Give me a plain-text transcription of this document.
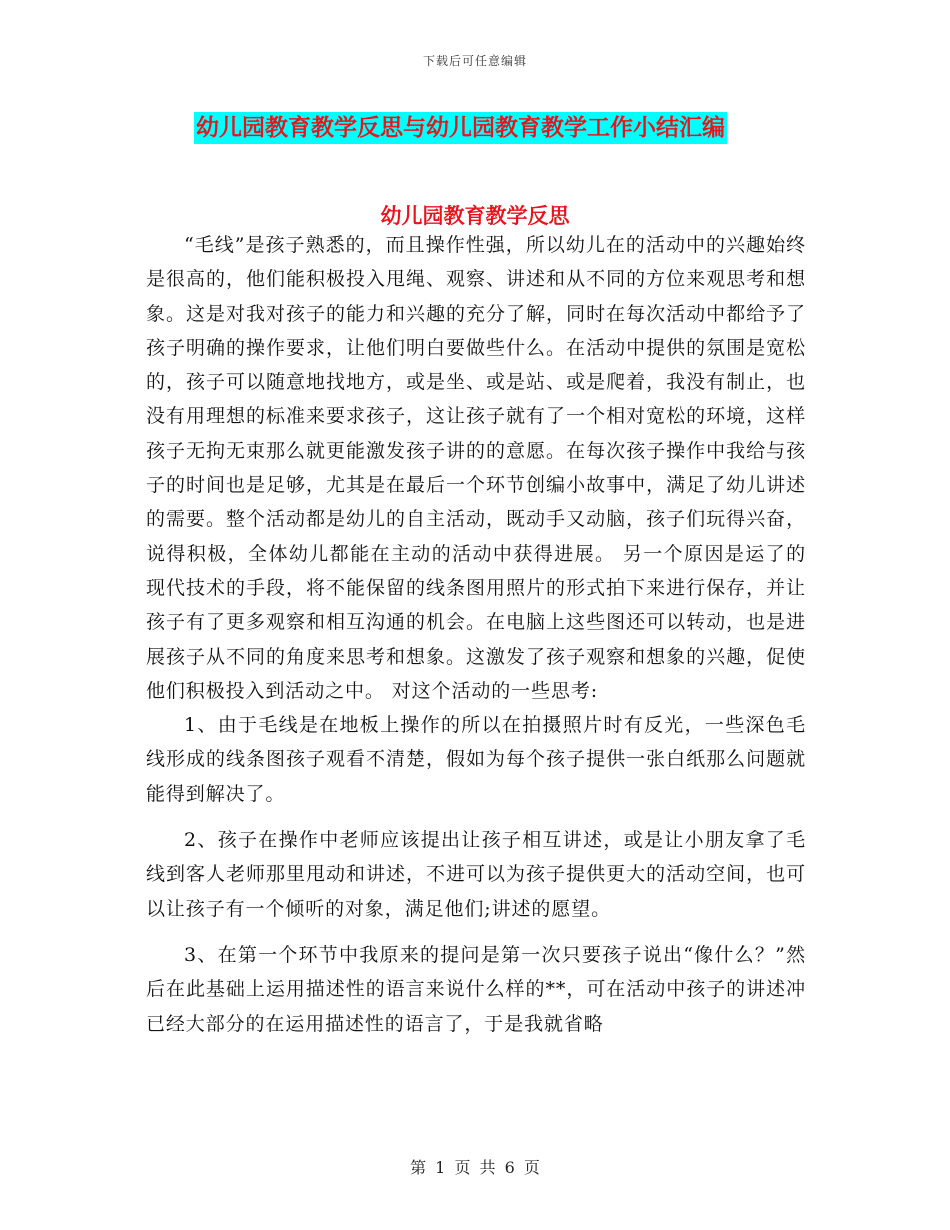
下载后可任意编辑
幼儿园教育教学反思与幼儿园教育教学工作小结汇编
幼儿园教育教学反思

“毛线”是孩子熟悉的，而且操作性强，所以幼儿在的活动中的兴趣始终是很高的，他们能积极投入甩绳、观察、讲述和从不同的方位来观思考和想象。这是对我对孩子的能力和兴趣的充分了解，同时在每次活动中都给予了孩子明确的操作要求，让他们明白要做些什么。在活动中提供的氛围是宽松的，孩子可以随意地找地方，或是坐、或是站、或是爬着，我没有制止，也没有用理想的标准来要求孩子，这让孩子就有了一个相对宽松的环境，这样孩子无拘无束那么就更能激发孩子讲的的意愿。在每次孩子操作中我给与孩子的时间也是足够，尤其是在最后一个环节创编小故事中，满足了幼儿讲述的需要。整个活动都是幼儿的自主活动，既动手又动脑，孩子们玩得兴奋，说得积极，全体幼儿都能在主动的活动中获得进展。 另一个原因是运了的现代技术的手段，将不能保留的线条图用照片的形式拍下来进行保存，并让孩子有了更多观察和相互沟通的机会。在电脑上这些图还可以转动，也是进展孩子从不同的角度来思考和想象。这激发了孩子观察和想象的兴趣，促使他们积极投入到活动之中。 对这个活动的一些思考:

1、由于毛线是在地板上操作的所以在拍摄照片时有反光，一些深色毛线形成的线条图孩子观看不清楚，假如为每个孩子提供一张白纸那么问题就能得到解决了。

2、孩子在操作中老师应该提出让孩子相互讲述，或是让小朋友拿了毛线到客人老师那里甩动和讲述，不进可以为孩子提供更大的活动空间，也可以让孩子有一个倾听的对象，满足他们;讲述的愿望。

3、在第一个环节中我原来的提问是第一次只要孩子说出“像什么？”然后在此基础上运用描述性的语言来说什么样的**，可在活动中孩子的讲述冲已经大部分的在运用描述性的语言了，于是我就省略

第 1 页 共 6 页
